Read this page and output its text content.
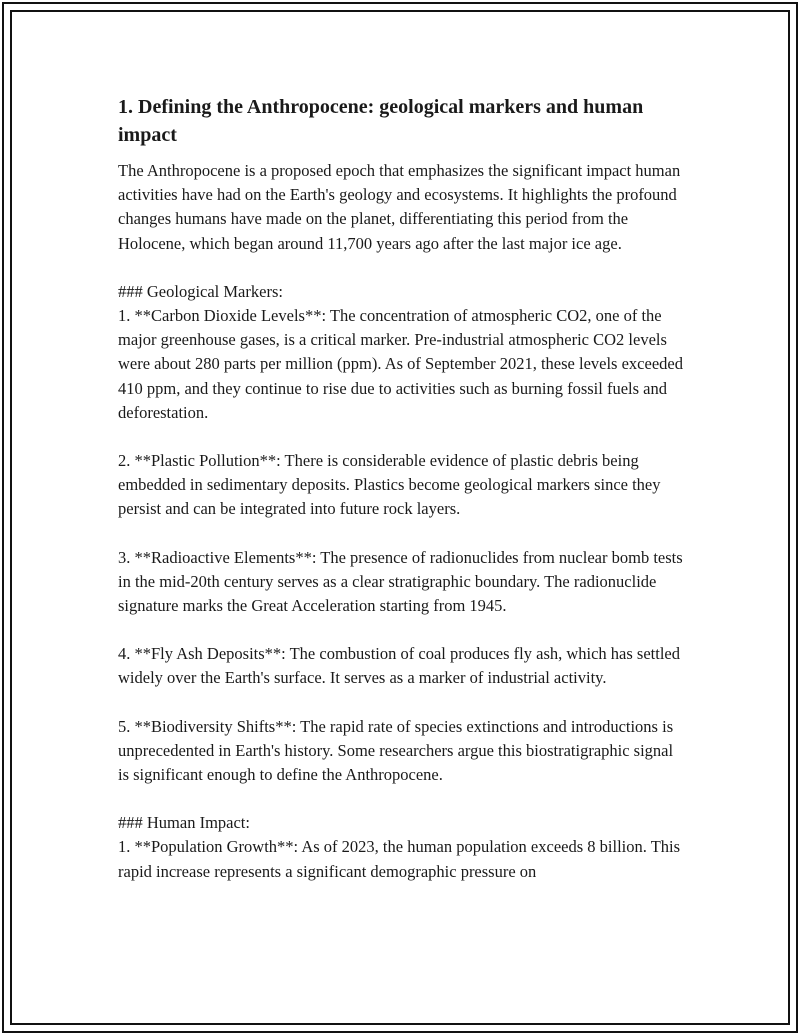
1. Defining the Anthropocene: geological markers and human impact

The Anthropocene is a proposed epoch that emphasizes the significant impact human activities have had on the Earth's geology and ecosystems. It highlights the profound changes humans have made on the planet, differentiating this period from the Holocene, which began around 11,700 years ago after the last major ice age.

### Geological Markers:

1. **Carbon Dioxide Levels**: The concentration of atmospheric CO2, one of the major greenhouse gases, is a critical marker. Pre-industrial atmospheric CO2 levels were about 280 parts per million (ppm). As of September 2021, these levels exceeded 410 ppm, and they continue to rise due to activities such as burning fossil fuels and deforestation.

2. **Plastic Pollution**: There is considerable evidence of plastic debris being embedded in sedimentary deposits. Plastics become geological markers since they persist and can be integrated into future rock layers.

3. **Radioactive Elements**: The presence of radionuclides from nuclear bomb tests in the mid-20th century serves as a clear stratigraphic boundary. The radionuclide signature marks the Great Acceleration starting from 1945.

4. **Fly Ash Deposits**: The combustion of coal produces fly ash, which has settled widely over the Earth's surface. It serves as a marker of industrial activity.

5. **Biodiversity Shifts**: The rapid rate of species extinctions and introductions is unprecedented in Earth's history. Some researchers argue this biostratigraphic signal is significant enough to define the Anthropocene.

### Human Impact:

1. **Population Growth**: As of 2023, the human population exceeds 8 billion. This rapid increase represents a significant demographic pressure on
